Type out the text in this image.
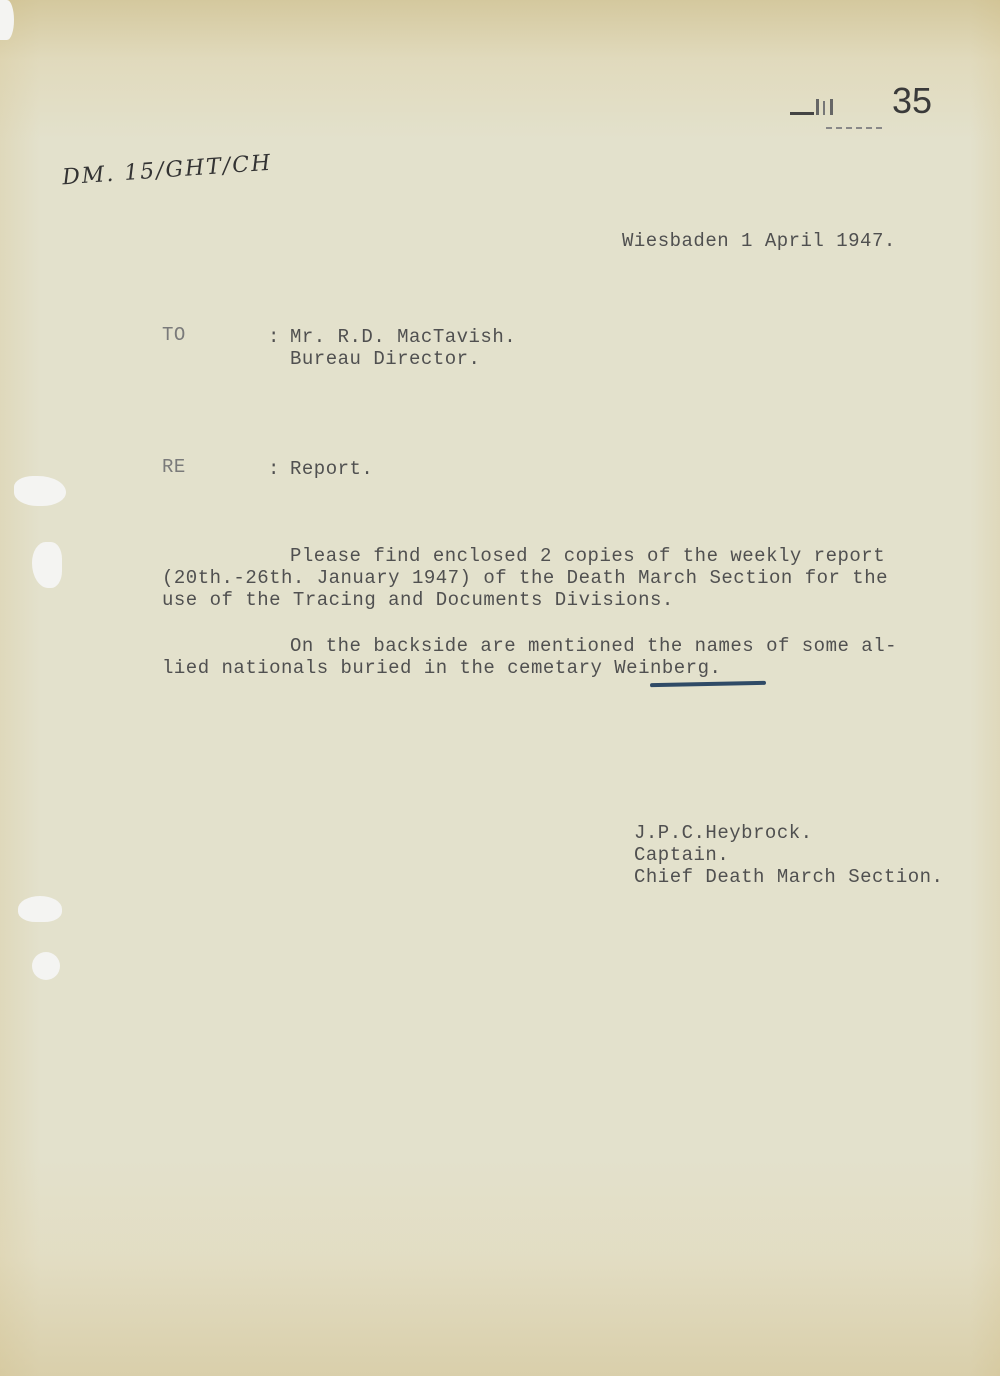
35
DM. 15/GHT/CH
Wiesbaden 1 April 1947.
TO	: Mr. R.D. MacTavish.
Bureau Director.
RE	: Report.
Please find enclosed 2 copies of the weekly report
(20th.-26th. January 1947) of the Death March Section for the
use of the Tracing and Documents Divisions.
On the backside are mentioned the names of some al-
lied nationals buried in the cemetary Weinberg.
J.P.C.Heybrock.
Captain.
Chief Death March Section.
